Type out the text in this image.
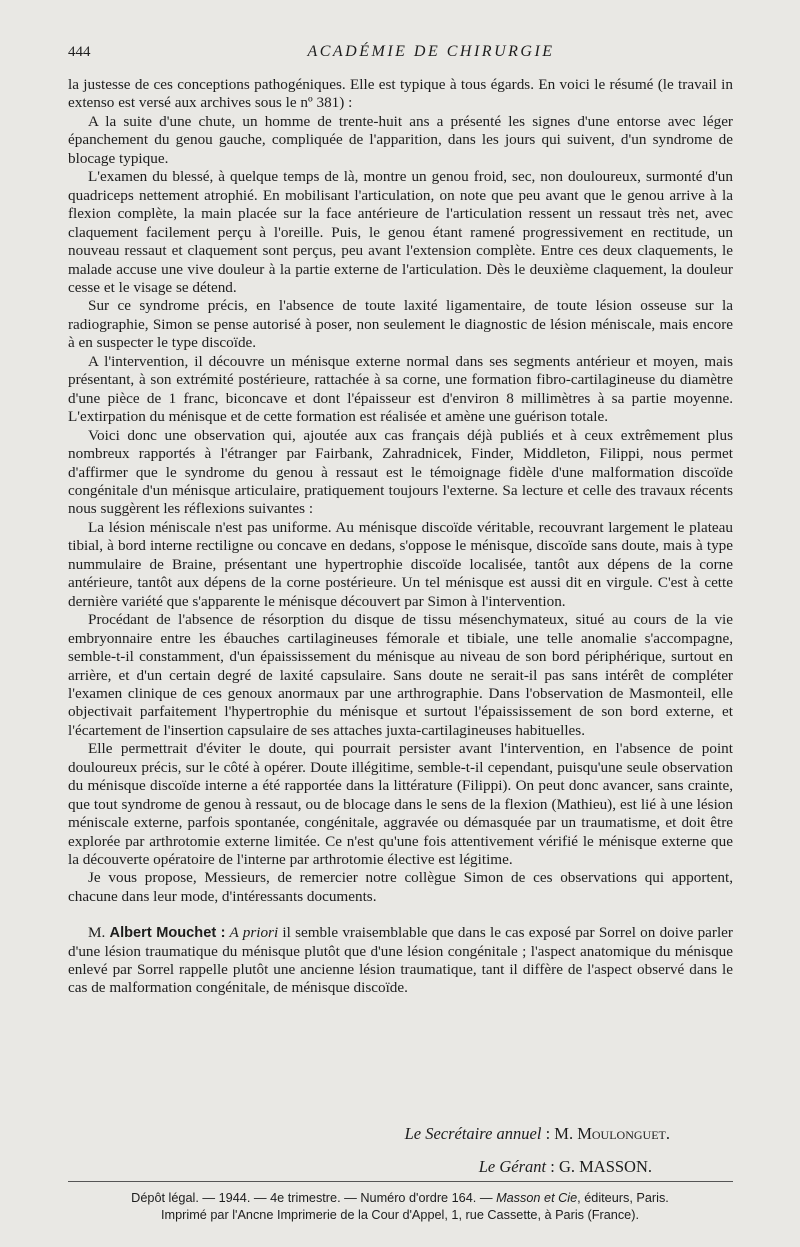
444	ACADÉMIE DE CHIRURGIE

la justesse de ces conceptions pathogéniques. Elle est typique à tous égards. En voici le résumé (le travail in extenso est versé aux archives sous le nº 381) :

A la suite d'une chute, un homme de trente-huit ans a présenté les signes d'une entorse avec léger épanchement du genou gauche, compliquée de l'apparition, dans les jours qui suivent, d'un syndrome de blocage typique.

L'examen du blessé, à quelque temps de là, montre un genou froid, sec, non douloureux, surmonté d'un quadriceps nettement atrophié. En mobilisant l'articulation, on note que peu avant que le genou arrive à la flexion complète, la main placée sur la face antérieure de l'articulation ressent un ressaut très net, avec claquement facilement perçu à l'oreille. Puis, le genou étant ramené progressivement en rectitude, un nouveau ressaut et claquement sont perçus, peu avant l'extension complète. Entre ces deux claquements, le malade accuse une vive douleur à la partie externe de l'articulation. Dès le deuxième claquement, la douleur cesse et le visage se détend.

Sur ce syndrome précis, en l'absence de toute laxité ligamentaire, de toute lésion osseuse sur la radiographie, Simon se pense autorisé à poser, non seulement le diagnostic de lésion méniscale, mais encore à en suspecter le type discoïde.

A l'intervention, il découvre un ménisque externe normal dans ses segments antérieur et moyen, mais présentant, à son extrémité postérieure, rattachée à sa corne, une formation fibro-cartilagineuse du diamètre d'une pièce de 1 franc, biconcave et dont l'épaisseur est d'environ 8 millimètres à sa partie moyenne. L'extirpation du ménisque et de cette formation est réalisée et amène une guérison totale.

Voici donc une observation qui, ajoutée aux cas français déjà publiés et à ceux extrêmement plus nombreux rapportés à l'étranger par Fairbank, Zahradnicek, Finder, Middleton, Filippi, nous permet d'affirmer que le syndrome du genou à ressaut est le témoignage fidèle d'une malformation discoïde congénitale d'un ménisque articulaire, pratiquement toujours l'externe. Sa lecture et celle des travaux récents nous suggèrent les réflexions suivantes :

La lésion méniscale n'est pas uniforme. Au ménisque discoïde véritable, recouvrant largement le plateau tibial, à bord interne rectiligne ou concave en dedans, s'oppose le ménisque, discoïde sans doute, mais à type nummulaire de Braine, présentant une hypertrophie discoïde localisée, tantôt aux dépens de la corne antérieure, tantôt aux dépens de la corne postérieure. Un tel ménisque est aussi dit en virgule. C'est à cette dernière variété que s'apparente le ménisque découvert par Simon à l'intervention.

Procédant de l'absence de résorption du disque de tissu mésenchymateux, situé au cours de la vie embryonnaire entre les ébauches cartilagineuses fémorale et tibiale, une telle anomalie s'accompagne, semble-t-il constamment, d'un épaississement du ménisque au niveau de son bord périphérique, surtout en arrière, et d'un certain degré de laxité capsulaire. Sans doute ne serait-il pas sans intérêt de compléter l'examen clinique de ces genoux anormaux par une arthrographie. Dans l'observation de Masmonteil, elle objectivait parfaitement l'hypertrophie du ménisque et surtout l'épaississement de son bord externe, et l'écartement de l'insertion capsulaire de ses attaches juxta-cartilagineuses habituelles.

Elle permettrait d'éviter le doute, qui pourrait persister avant l'intervention, en l'absence de point douloureux précis, sur le côté à opérer. Doute illégitime, semble-t-il cependant, puisqu'une seule observation du ménisque discoïde interne a été rapportée dans la littérature (Filippi). On peut donc avancer, sans crainte, que tout syndrome de genou à ressaut, ou de blocage dans le sens de la flexion (Mathieu), est lié à une lésion méniscale externe, parfois spontanée, congénitale, aggravée ou démasquée par un traumatisme, et doit être explorée par arthrotomie externe limitée. Ce n'est qu'une fois attentivement vérifié le ménisque externe que la découverte opératoire de l'interne par arthrotomie élective est légitime.

Je vous propose, Messieurs, de remercier notre collègue Simon de ces observations qui apportent, chacune dans leur mode, d'intéressants documents.

M. Albert Mouchet : A priori il semble vraisemblable que dans le cas exposé par Sorrel on doive parler d'une lésion traumatique du ménisque plutôt que d'une lésion congénitale ; l'aspect anatomique du ménisque enlevé par Sorrel rappelle plutôt une ancienne lésion traumatique, tant il diffère de l'aspect observé dans le cas de malformation congénitale, de ménisque discoïde.

Le Secrétaire annuel : M. Moulonguet.
Le Gérant : G. MASSON.
Dépôt légal. — 1944. — 4e trimestre. — Numéro d'ordre 164. — Masson et Cie, éditeurs, Paris.
Imprimé par l'Ancne Imprimerie de la Cour d'Appel, 1, rue Cassette, à Paris (France).
